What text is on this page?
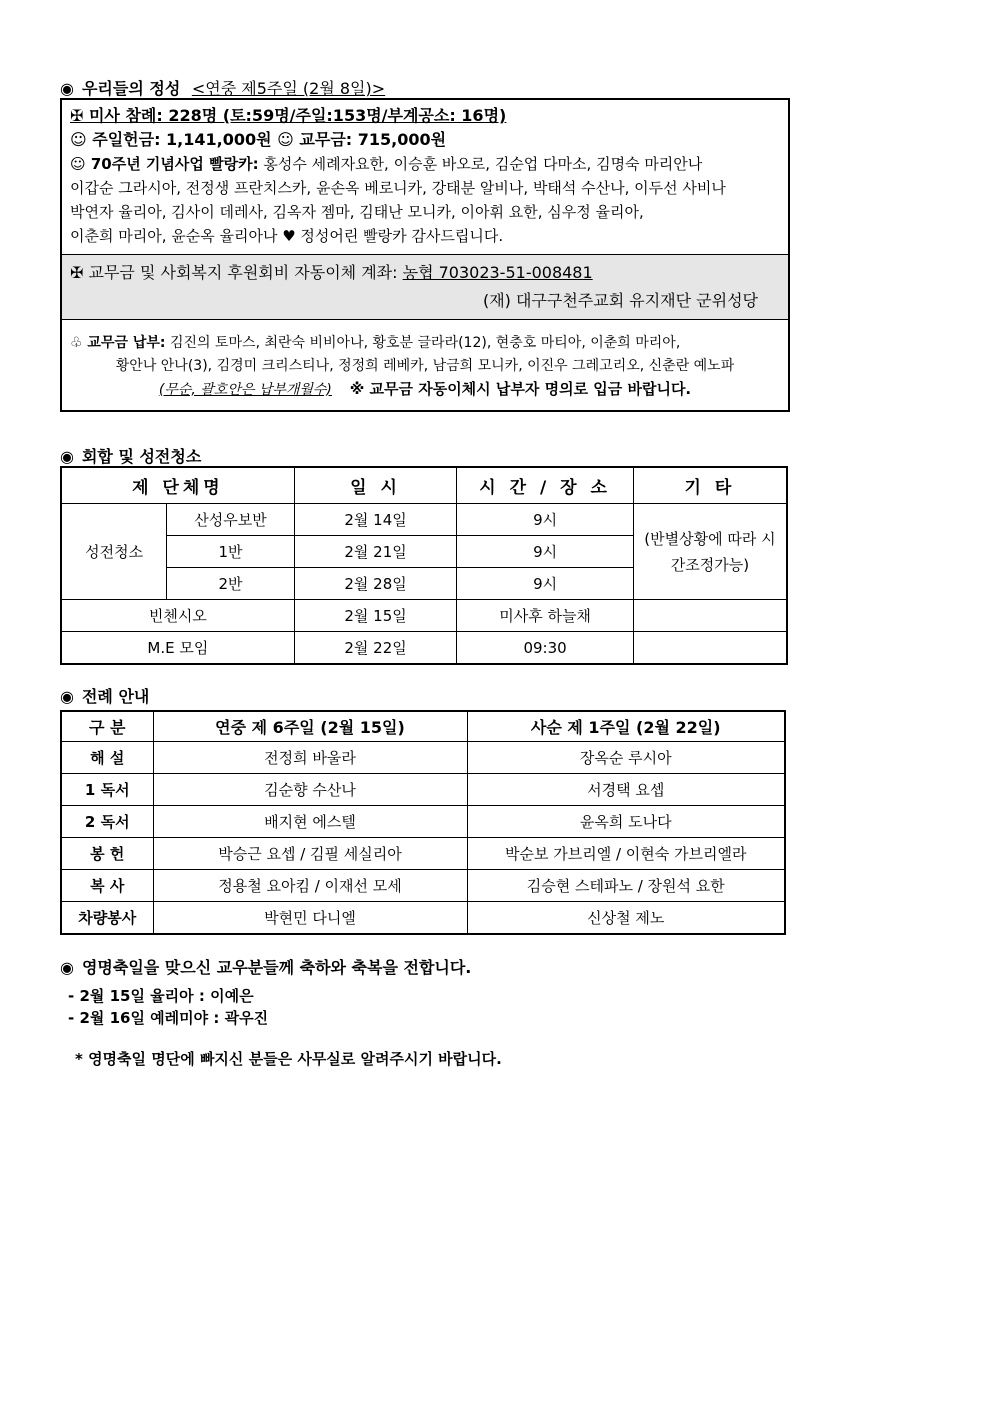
◉ 우리들의 정성 <연중 제5주일 (2월 8일)>
✠ 미사 참례: 228명 (토:59명/주일:153명/부계공소: 16명)
☺ 주일헌금: 1,141,000원 ☺ 교무금: 715,000원
☺ 70주년 기념사업 빨랑카: 홍성수 세례자요한, 이승훈 바오로, 김순업 다마소, 김명숙 마리안나
이갑순 그라시아, 전정생 프란치스카, 윤손옥 베로니카, 강태분 알비나, 박태석 수산나, 이두선 사비나
박연자 율리아, 김사이 데레사, 김옥자 젬마, 김태난 모니카, 이아휘 요한, 심우정 율리아,
이춘희 마리아, 윤순옥 율리아나 ♥ 정성어린 빨랑카 감사드립니다.
✠ 교무금 및 사회복지 후원회비 자동이체 계좌: 농협 703023-51-008481
(재) 대구구천주교회 유지재단 군위성당
♧ 교무금 납부: 김진의 토마스, 최란숙 비비아나, 황호분 글라라(12), 현충호 마티아, 이춘희 마리아,
황안나 안나(3), 김경미 크리스티나, 정정희 레베카, 남금희 모니카, 이진우 그레고리오, 신춘란 예노파
(무순, 괄호안은 납부개월수) ※ 교무금 자동이체시 납부자 명의로 입금 바랍니다.
◉ 회합 및 성전청소
제 단체명		일 시	시 간 / 장 소	기 타
성전청소	산성우보반	2월 14일	9시	(반별상황에 따라 시간조정가능)
	1반	2월 21일	9시	
	2반	2월 28일	9시	
빈첸시오		2월 15일	미사후 하늘채	
M.E 모임		2월 22일	09:30	
◉ 전례 안내
구 분	연중 제 6주일 (2월 15일)	사순 제 1주일 (2월 22일)
해 설	전정희 바울라	장옥순 루시아
1 독서	김순향 수산나	서경택 요셉
2 독서	배지현 에스텔	윤옥희 도나다
봉 헌	박승근 요셉 / 김필 세실리아	박순보 가브리엘 / 이현숙 가브리엘라
복 사	정용철 요아킴 / 이재선 모세	김승현 스테파노 / 장원석 요한
차량봉사	박현민 다니엘	신상철 제노
◉ 영명축일을 맞으신 교우분들께 축하와 축복을 전합니다.
- 2월 15일 율리아 : 이예은
- 2월 16일 예레미야 : 곽우진
* 영명축일 명단에 빠지신 분들은 사무실로 알려주시기 바랍니다.
